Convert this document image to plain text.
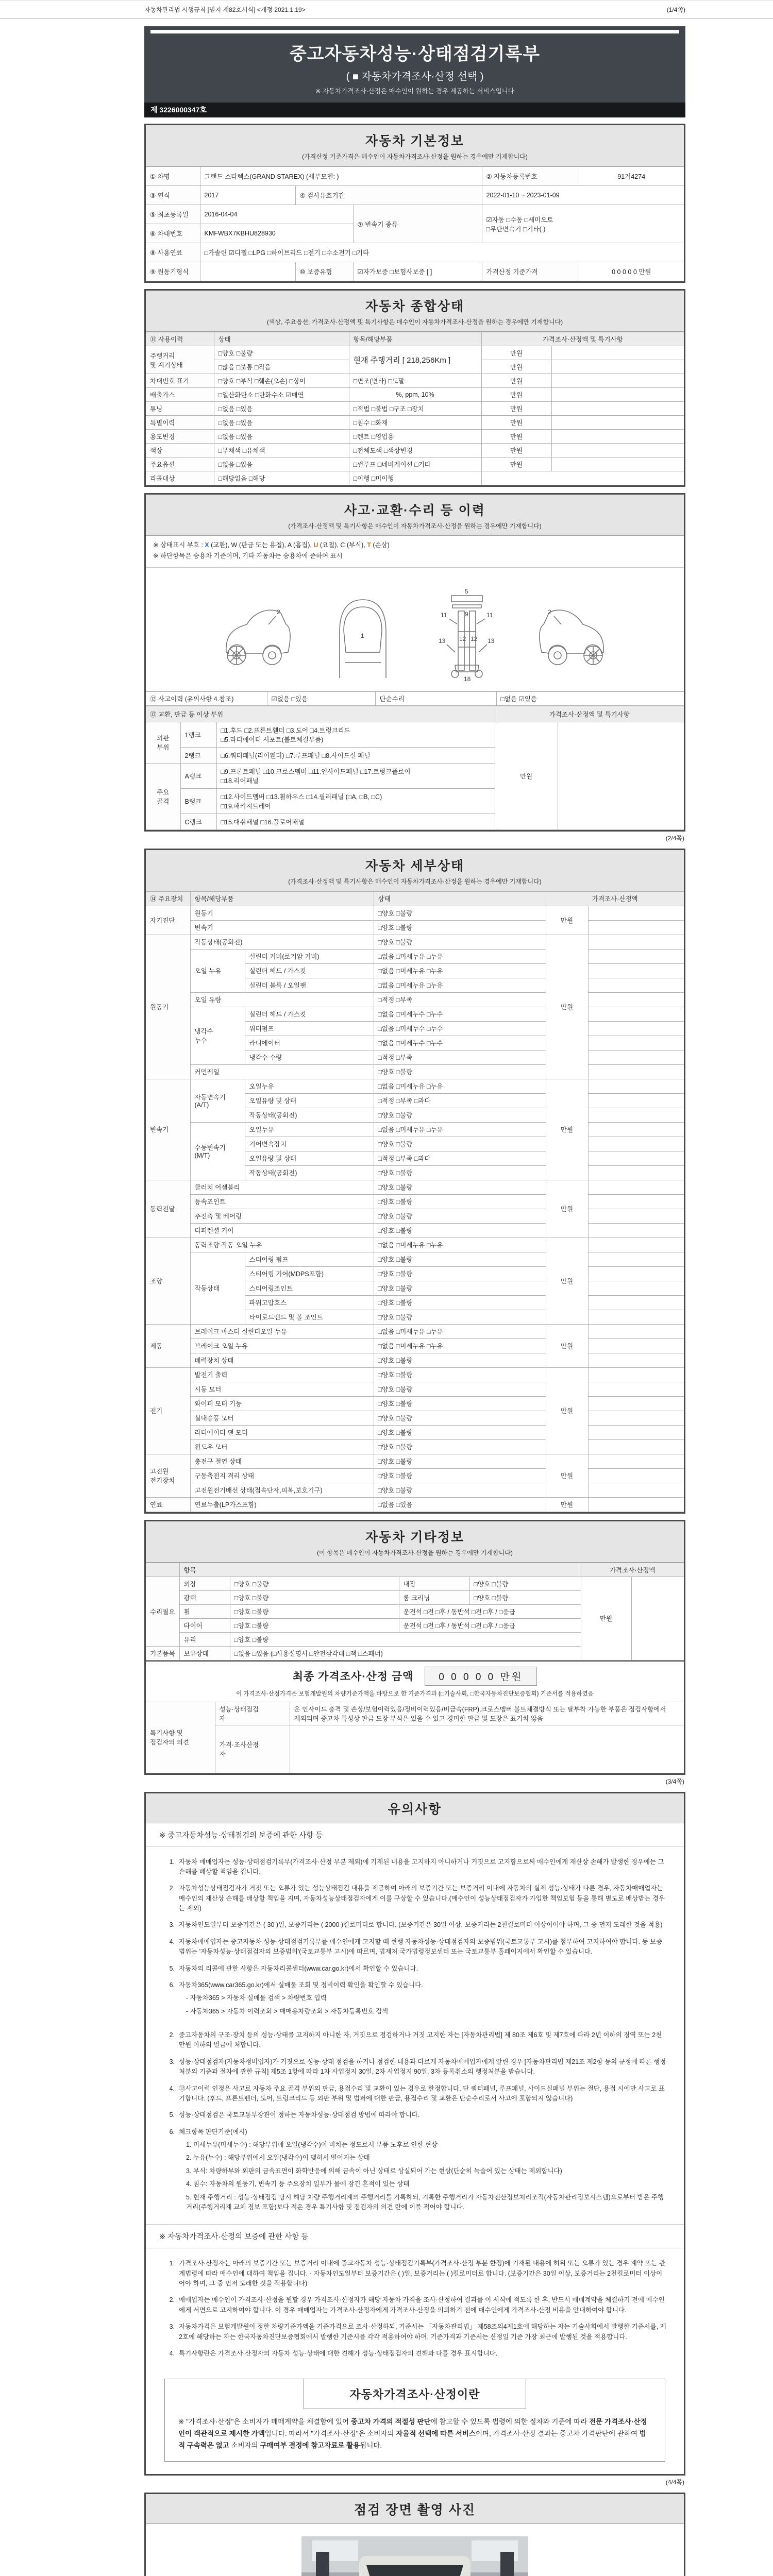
자동차관리법 시행규칙 [별지 제82호서식] <개정 2021.1.19>	(1/4쪽)
중고자동차성능·상태점검기록부
( ■ 자동차가격조사·산정 선택 )
※ 자동차가격조사·산정은 매수인이 원하는 경우 제공하는 서비스입니다
제 3226000347호
자동차 기본정보
(가격산정 기준가격은 매수인이 자동차가격조사·산정을 원하는 경우에만 기재합니다)
① 차명	그랜드 스타렉스(GRAND STAREX) (세부모델: )			② 자동차등록번호	91거4274
③ 연식	2017	④ 검사유효기간		2022-01-10 ~ 2023-01-09	
⑤ 최초등록일	2016-04-04		⑦ 변속기 종류	☑자동 □수동 □세미오토
□무단변속기 □기타( )	
⑥ 차대번호	KMFWBX7KBHU828930				
⑧ 사용연료	□가솔린 ☑디젤 □LPG □하이브리드 □전기 □수소전기 □기타				
⑨ 원동기형식		⑩ 보증유형	☑자가보증 □보험사보증 [ ]	가격산정 기준가격	0 0 0 0 0 만원
자동차 종합상태
(색상, 주요옵션, 가격조사·산정액 및 특기사항은 매수인이 자동차가격조사·산정을 원하는 경우에만 기재합니다)
⑪ 사용이력	상태	항목/해당부품	가격조사·산정액 및 특기사항	
주행거리
및 계기상태	□양호 □불량	현재 주행거리 [ 218,256Km ]	만원	
	□많음 □보통 □적음		만원	
차대번호 표기	□양호 □부식 □훼손(오손) □상이	□변조(변타) □도말	만원	
배출가스	□일산화탄소 □탄화수소 ☑매연	%, ppm, 10%	만원	
튜닝	□없음 □있음	□적법 □불법 □구조 □장치	만원	
특별이력	□없음 □있음	□침수 □화재	만원	
용도변경	□없음 □있음	□렌트 □영업용	만원	
색상	□무채색 □유채색	□전체도색 □색상변경	만원	
주요옵션	□없음 □있음	□썬루프 □네비게이션 □기타	만원	
리콜대상	□해당없음 □해당	□이행 □미이행		
사고·교환·수리 등 이력
(가격조사·산정액 및 특기사항은 매수인이 자동차가격조사·산정을 원하는 경우에만 기재합니다)
※ 상태표시 부호 : X (교환), W (판금 또는 용접), A (흠집), U (요철), C (부식), T (손상)
※ 하단항목은 승용차 기준이며, 기타 자동차는 승용차에 준하여 표시
2
1
5
9
11	11
12 12
13	13
18
2
⑫ 사고이력 (유의사항 4.참조)	☑없음 □있음	단순수리	□없음 ☑있음
⑬ 교환, 판금 등 이상 부위			가격조사·산정액 및 특기사항	
외판
부위	1랭크	□1.후드 □2.프론트휀더 □3.도어 □4.트렁크리드
□5.라디에이터 서포트(볼트체결부품)	만원	
	2랭크	□6.쿼터패널(리어휀더) □7.루프패널 □8.사이드실 패널		
주요
골격	A랭크	□9.프론트패널 □10.크로스멤버 □11.인사이드패널 □17.트렁크플로어
□18.리어패널		
	B랭크	□12.사이드멤버 □13.휠하우스 □14.필러패널 (□A, □B, □C)
□19.패키지트레이		
	C랭크	□15.대쉬패널 □16.플로어패널		
(2/4쪽)
자동차 세부상태
(가격조사·산정액 및 특기사항은 매수인이 자동차가격조사·산정을 원하는 경우에만 기재합니다)
⑭ 주요장치	항목/해당부품		상태	가격조사·산정액	
자기진단	원동기		□양호 □불량	만원	
	변속기		□양호 □불량		
원동기	작동상태(공회전)		□양호 □불량	만원	
	오일 누유	실린더 커버(로커암 커버)	□없음 □미세누유 □누유		
		실린더 헤드 / 가스킷	□없음 □미세누유 □누유		
		실린더 블록 / 오일팬	□없음 □미세누유 □누유		
	오일 유량		□적정 □부족		
	냉각수
누수	실린더 헤드 / 가스킷	□없음 □미세누수 □누수		
		워터펌프	□없음 □미세누수 □누수		
		라디에이터	□없음 □미세누수 □누수		
		냉각수 수량	□적정 □부족		
	커먼레일		□양호 □불량		
변속기	자동변속기
(A/T)	오일누유	□없음 □미세누유 □누유	만원	
		오일유량 및 상태	□적정 □부족 □과다		
		작동상태(공회전)	□양호 □불량		
	수동변속기
(M/T)	오일누유	□없음 □미세누유 □누유		
		기어변속장치	□양호 □불량		
		오일유량 및 상태	□적정 □부족 □과다		
		작동상태(공회전)	□양호 □불량		
동력전달	클러치 어셈블리		□양호 □불량	만원	
	등속죠인트		□양호 □불량		
	추진축 및 베어링		□양호 □불량		
	디퍼렌셜 기어		□양호 □불량		
조향	동력조향 작동 오일 누유		□없음 □미세누유 □누유	만원	
	작동상태	스티어링 펌프	□양호 □불량		
		스티어링 기어(MDPS포함)	□양호 □불량		
		스티어링조인트	□양호 □불량		
		파워고압호스	□양호 □불량		
		타이로드엔드 및 볼 조인트	□양호 □불량		
제동	브레이크 마스터 실린더오일 누유		□없음 □미세누유 □누유	만원	
	브레이크 오일 누유		□없음 □미세누유 □누유		
	배력장치 상태		□양호 □불량		
전기	발전기 출력		□양호 □불량	만원	
	시동 모터		□양호 □불량		
	와이퍼 모터 기능		□양호 □불량		
	실내송풍 모터		□양호 □불량		
	라디에이터 팬 모터		□양호 □불량		
	윈도우 모터		□양호 □불량		
고전원
전기장치	충전구 절연 상태		□양호 □불량	만원	
	구동축전지 격리 상태		□양호 □불량		
	고전원전기배선 상태(접속단자,피복,보호기구)		□양호 □불량		
연료	연료누출(LP가스포함)		□없음 □있음	만원	
자동차 기타정보
(이 항목은 매수인이 자동차가격조사·산정을 원하는 경우에만 기재합니다)
	항목				가격조사·산정액	
수리필요	외장	□양호 □불량	내장	□양호 □불량	만원	
	광택	□양호 □불량	룸 크리닝	□양호 □불량		
	휠	□양호 □불량	운전석 □전 □후 / 동반석 □전 □후 / □응급			
	타이어	□양호 □불량	운전석 □전 □후 / 동반석 □전 □후 / □응급			
	유리	□양호 □불량				
기본품목	보유상태	□없음 □있음 (□사용설명서 □안전삼각대 □잭 □스패너)				
최종 가격조사·산정 금액	0 0 0 0 0 만원
이 가격조사·산정가격은 보험개발원의 차량기준가액을 바탕으로 한 기준가격과 (□기술사회, □한국자동차진단보증협회) 기준서를 적용하였음
특기사항 및
점검자의 의견	성능·상태점검
자	운 인사이드 충격 및 손상/보험이력있음/정비이력있음/비금속(FRP),크로스멤버 볼트체결방식 또는 탈부착 가능한 부품은 점검사항에서 제외되며 중고차 특성상 판금 도장 부식은 있을 수 있고 경미한 판금 및 도장은 표기치 않음
	가격·조사산정
자	
(3/4쪽)
유의사항
※ 중고자동차성능·상태점검의 보증에 관한 사항 등
1. 자동차 매매업자는 성능·상태점검기록부(가격조사·산정 부분 제외)에 기재된 내용을 고지하지 아니하거나 거짓으로 고지함으로써 매수인에게 재산상 손해가 발생한 경우에는 그 손해를 배상할 책임을 집니다.
2. 자동차성능상태점검자가 거짓 또는 오류가 있는 성능상태점검 내용을 제공하여 아래의 보증기간 또는 보증거리 이내에 자동차의 실제 성능·상태가 다른 경우, 자동차매매업자는 매수인의 재산상 손해를 배상할 책임을 지며, 자동차성능상태점검자에게 이를 구상할 수 있습니다.(매수인이 성능상태점검자가 가입한 책임보험 등을 통해 별도로 배상받는 경우는 제외)
3. 자동차인도일부터 보증기간은 ( 30 )일, 보증거리는 ( 2000 )킬로미터로 합니다. (보증기간은 30일 이상, 보증거리는 2천킬로미터 이상이어야 하며, 그 중 먼저 도래한 것을 적용)
4. 자동차매매업자는 중고자동차 성능·상태점검기록부를 매수인에게 고지할 때 현행 자동차성능·상태점검자의 보증범위(국토교통부 고시)를 첨부하여 고지하여야 합니다. 동 보증범위는 '자동차성능·상태점검자의 보증범위'(국토교통부 고시)에 따르며, 법제처 국가법령정보센터 또는 국토교통부 홈페이지에서 확인할 수 있습니다.
5. 자동차의 리콜에 관한 사항은 자동차리콜센터(www.car.go.kr)에서 확인할 수 있습니다.
6. 자동차365(www.car365.go.kr)에서 실매물 조회 및 정비이력 확인을 확인할 수 있습니다.
- 자동차365 > 자동차 실매물 검색 > 차량번호 입력
- 자동차365 > 자동차 이력조회 > 매매용차량조회 > 자동차등록번호 검색
2. 중고자동차의 구조·장치 등의 성능·상태를 고지하지 아니한 자, 거짓으로 점검하거나 거짓 고지한 자는 [자동차관리법] 제 80조 제6호 및 제7호에 따라 2년 이하의 징역 또는 2천만원 이하의 벌금에 처합니다.
3. 성능·상태점검자(자동차정비업자)가 거짓으로 성능·상태 점검을 하거나 점검한 내용과 다르게 자동차매매업자에게 알린 경우 [자동차관리법 제21조 제2항 등의 규정에 따른 행정처분의 기준과 절차에 관한 규칙] 제5조 1항에 따라 1차 사업정지 30일, 2차 사업정지 90일, 3차 등록취소의 행정처분을 받습니다.
4. ⑫사고이력 인정은 사고로 자동차 주요 골격 부위의 판금, 용접수리 및 교환이 있는 경우로 한정합니다. 단 쿼터패널, 루프패널, 사이드실패널 부위는 절단, 용접 시에만 사고로 표기합니다. (후드, 프론트펜더, 도어, 트렁크리드 등 외판 부위 및 범퍼에 대한 판금, 용접수리 및 교환은 단순수리로서 사고에 포함되지 않습니다)
5. 성능·상태점검은 국토교통부장관이 정하는 자동차성능·상태점검 방법에 따라야 합니다.
6. 체크항목 판단기준(예시)
1. 미세누유(미세누수) : 해당부위에 오일(냉각수)이 비치는 정도로서 부품 노후로 인한 현상
2. 누유(누수) : 해당부위에서 오일(냉각수)이 맺혀서 떨어지는 상태
3. 부식: 차량하부와 외판의 금속표면이 화학반응에 의해 금속이 아닌 상태로 상실되어 가는 현상(단순히 녹슬어 있는 상태는 제외합니다)
4. 침수: 자동차의 원동기, 변속기 등 주요장치 일부가 물에 잠긴 흔적이 있는 상태
5. 현재 주행거리 : 성능·상태점검 당시 해당 차량 주행거리계의 주행거리를 기록하되, 기록한 주행거리가 자동차전산정보처리조직(자동차관리정보시스템)으로부터 받은 주행거리(주행거리계 교체 정보 포함)보다 적은 경우 특기사항 및 점검자의 의견 란에 이를 적어야 합니다.
※ 자동차가격조사·산정의 보증에 관한 사항 등
1. 가격조사·산정자는 아래의 보증기간 또는 보증거리 이내에 중고자동차 성능·상태점검기록부(가격조사·산정 부분 한정)에 기재된 내용에 허위 또는 오류가 있는 경우 계약 또는 관계법령에 따라 매수인에 대하여 책임을 집니다. · 자동차인도일부터 보증기간은 ( )일, 보증거리는 ( )킬로미터로 합니다. (보증기간은 30일 이상, 보증거리는 2천킬로미터 이상이어야 하며, 그 중 먼저 도래한 것을 적용합니다)
2. 매매업자는 매수인이 가격조사·산정을 원할 경우 가격조사·산정자가 해당 자동차 가격을 조사·산정하여 결과를 이 서식에 적도록 한 후, 반드시 매매계약을 체결하기 전에 매수인에게 서면으로 고지하여야 합니다. 이 경우 매매업자는 가격조사·산정자에게 가격조사·산정을 의뢰하기 전에 매수인에게 가격조사·산정 비용을 안내하여야 합니다.
3. 자동차가격은 보험개발원이 정한 차량기준가액을 기준가격으로 조사·산정하되, 기준서는 「자동차관리법」 제58조의4제1호에 해당하는 자는 기술사회에서 발행한 기준서를, 제2호에 해당하는 자는 한국자동차진단보증협회에서 발행한 기준서를 각각 적용하여야 하며, 기준가격과 기준서는 산정일 기준 가장 최근에 발행된 것을 적용합니다.
4. 특기사항란은 가격조사·산정자의 자동차 성능·상태에 대한 견해가 성능·상태점검자의 견해와 다를 경우 표시합니다.
자동차가격조사·산정이란
※ "가격조사·산정"은 소비자가 매매계약을 체결함에 있어 중고차 가격의 적절성 판단에 참고할 수 있도록 법령에 의한 절차와 기준에 따라 전문 가격조사·산정인이 객관적으로 제시한 가액입니다. 따라서 "가격조사·산정"은 소비자의 자율적 선택에 따른 서비스이며, 가격조사·산정 결과는 중고차 가격판단에 관하여 법적 구속력은 없고 소비자의 구매여부 결정에 참고자료로 활용됩니다.
(4/4쪽)
점검 장면 촬영 사진
